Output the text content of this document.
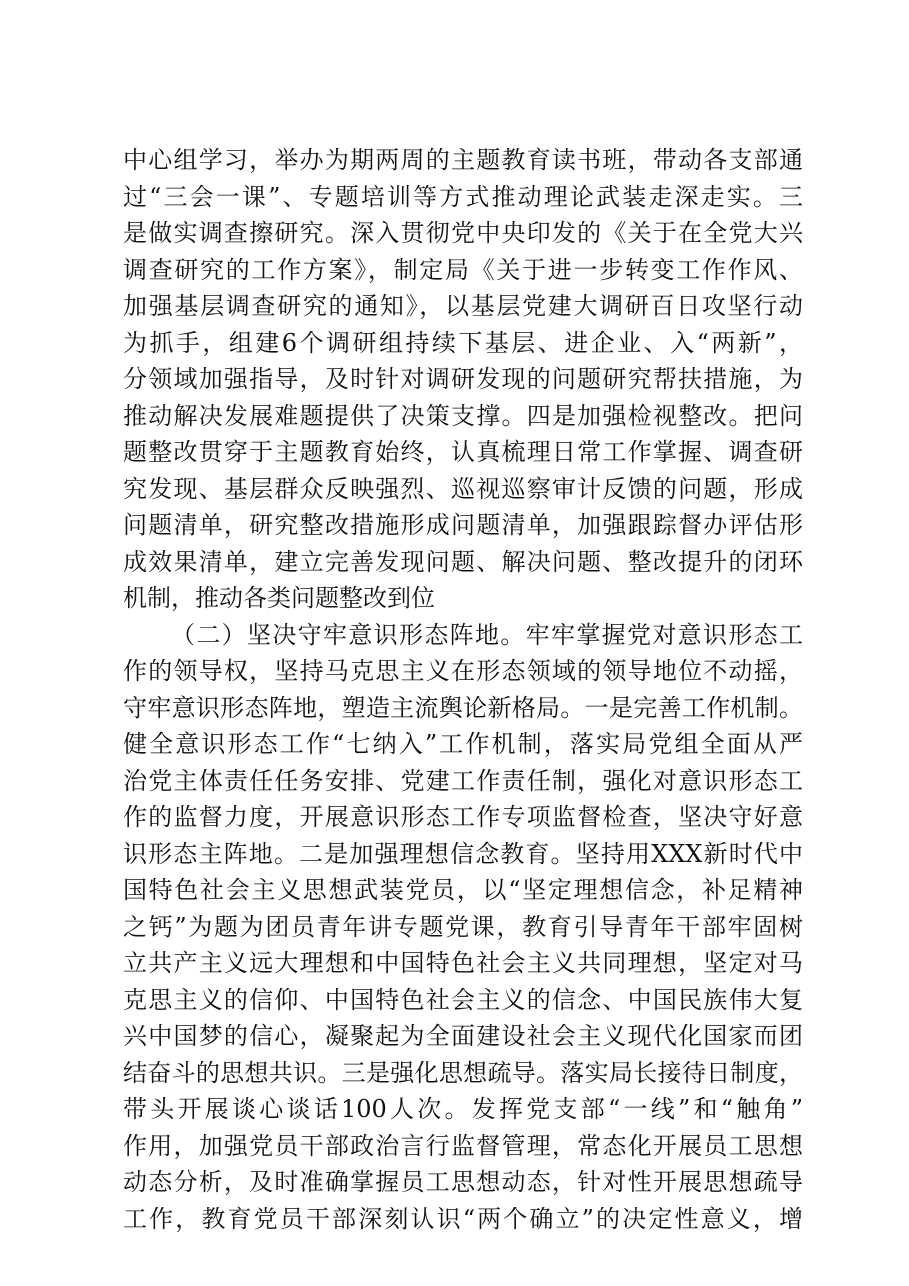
中心组学习，举办为期两周的主题教育读书班，带动各支部通
过“三会一课”、专题培训等方式推动理论武装走深走实。三
是做实调查擦研究。深入贯彻党中央印发的《关于在全党大兴
调查研究的工作方案》，制定局《关于进一步转变工作作风、
加强基层调查研究的通知》，以基层党建大调研百日攻坚行动
为抓手，组建6个调研组持续下基层、进企业、入“两新”，
分领域加强指导，及时针对调研发现的问题研究帮扶措施，为
推动解决发展难题提供了决策支撑。四是加强检视整改。把问
题整改贯穿于主题教育始终，认真梳理日常工作掌握、调查研
究发现、基层群众反映强烈、巡视巡察审计反馈的问题，形成
问题清单，研究整改措施形成问题清单，加强跟踪督办评估形
成效果清单，建立完善发现问题、解决问题、整改提升的闭环
机制，推动各类问题整改到位
（二）坚决守牢意识形态阵地。牢牢掌握党对意识形态工
作的领导权，坚持马克思主义在形态领域的领导地位不动摇，
守牢意识形态阵地，塑造主流舆论新格局。一是完善工作机制。
健全意识形态工作“七纳入”工作机制，落实局党组全面从严
治党主体责任任务安排、党建工作责任制，强化对意识形态工
作的监督力度，开展意识形态工作专项监督检查，坚决守好意
识形态主阵地。二是加强理想信念教育。坚持用XXX新时代中
国特色社会主义思想武装党员，以“坚定理想信念，补足精神
之钙”为题为团员青年讲专题党课，教育引导青年干部牢固树
立共产主义远大理想和中国特色社会主义共同理想，坚定对马
克思主义的信仰、中国特色社会主义的信念、中国民族伟大复
兴中国梦的信心，凝聚起为全面建设社会主义现代化国家而团
结奋斗的思想共识。三是强化思想疏导。落实局长接待日制度，
带头开展谈心谈话100人次。发挥党支部“一线”和“触角”
作用，加强党员干部政治言行监督管理，常态化开展员工思想
动态分析，及时准确掌握员工思想动态，针对性开展思想疏导
工作，教育党员干部深刻认识“两个确立”的决定性意义，增
